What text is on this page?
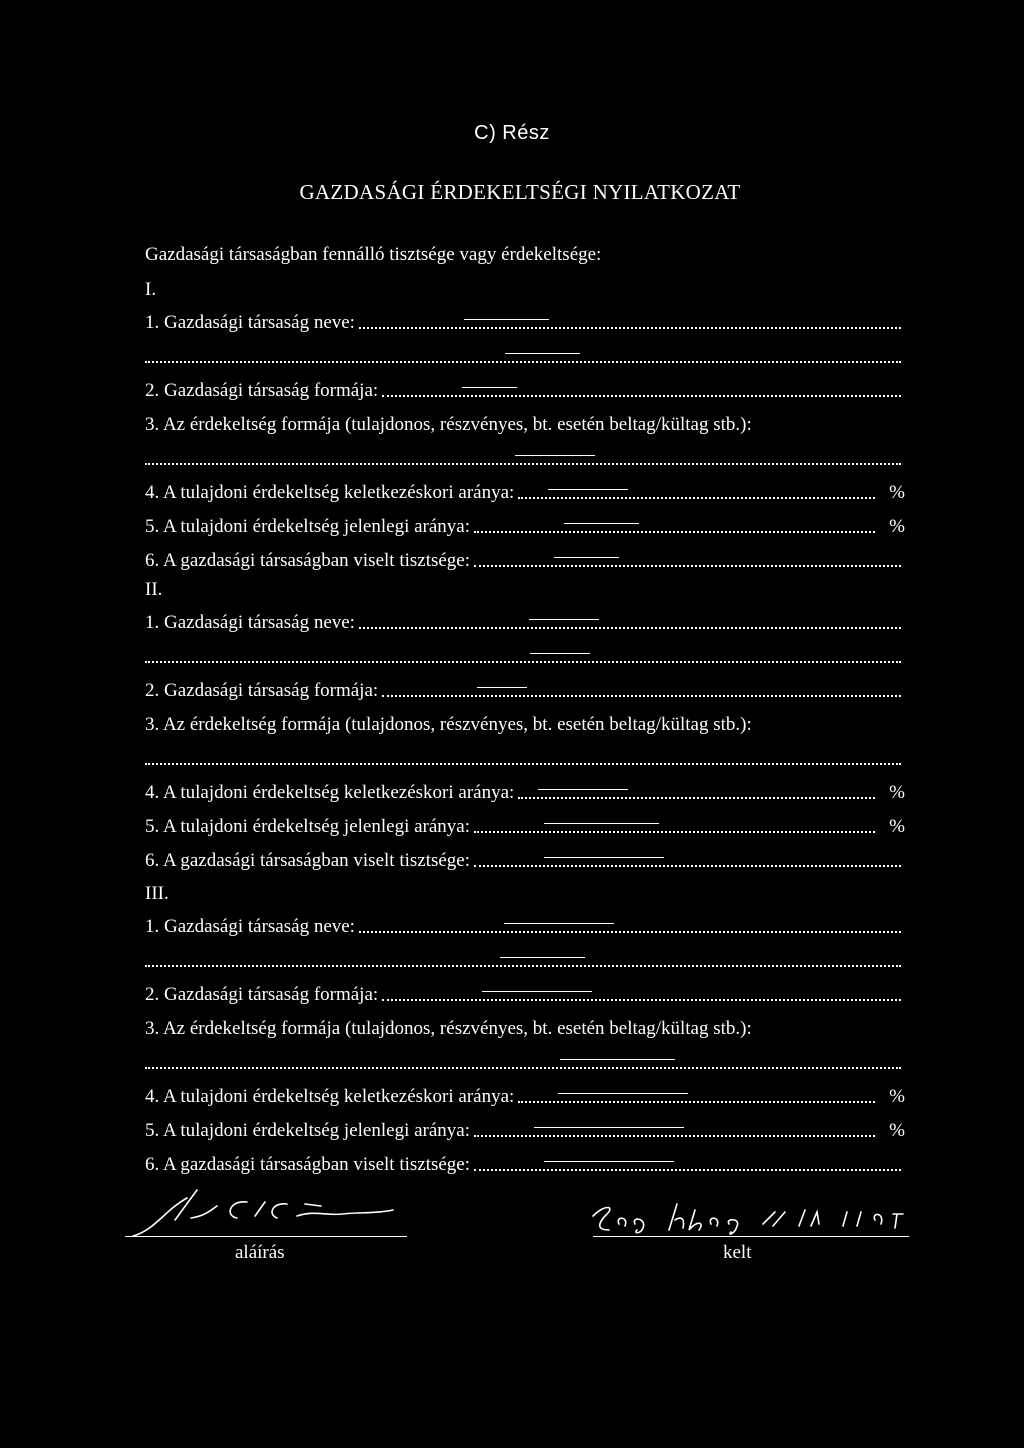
C) Rész
GAZDASÁGI ÉRDEKELTSÉGI NYILATKOZAT
Gazdasági társaságban fennálló tisztsége vagy érdekeltsége:
I.
1. Gazdasági társaság neve:
2. Gazdasági társaság formája:
3. Az érdekeltség formája (tulajdonos, részvényes, bt. esetén beltag/kültag stb.):
4. A tulajdoni érdekeltség keletkezéskori aránya:	%
5. A tulajdoni érdekeltség jelenlegi aránya:	%
6. A gazdasági társaságban viselt tisztsége:
II.
1. Gazdasági társaság neve:
2. Gazdasági társaság formája:
3. Az érdekeltség formája (tulajdonos, részvényes, bt. esetén beltag/kültag stb.):
4. A tulajdoni érdekeltség keletkezéskori aránya:	%
5. A tulajdoni érdekeltség jelenlegi aránya:	%
6. A gazdasági társaságban viselt tisztsége:
III.
1. Gazdasági társaság neve:
2. Gazdasági társaság formája:
3. Az érdekeltség formája (tulajdonos, részvényes, bt. esetén beltag/kültag stb.):
4. A tulajdoni érdekeltség keletkezéskori aránya:	%
5. A tulajdoni érdekeltség jelenlegi aránya:	%
6. A gazdasági társaságban viselt tisztsége:
aláírás	kelt
